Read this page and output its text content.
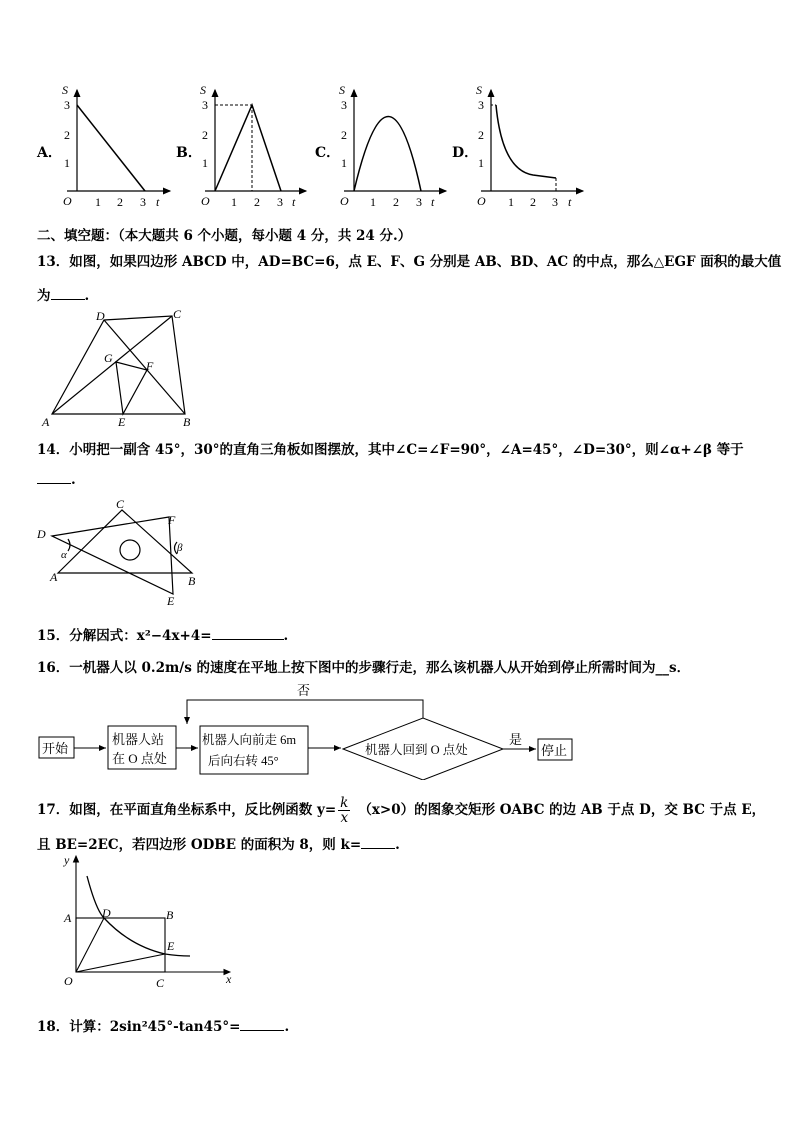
A．	B．	C．	D．
S
3
2
1
O 1 2 3 t
S
3
2
1
O 1 2 3 t
S
3
2
1
O 1 2 3 t
S
3
2
1
O 1 2 3 t
二、填空题：（本大题共 6 个小题，每小题 4 分，共 24 分.）
13．如图，如果四边形 ABCD 中，AD=BC=6，点 E、F、G 分别是 AB、BD、AC 的中点，那么△EGF 面积的最大值
为	.
A	B
C
D
E
F
G
14．小明把一副含 45°，30°的直角三角板如图摆放，其中∠C=∠F=90°，∠A=45°，∠D=30°，则∠α+∠β 等于
.
A	B
C
D
E
F
α
β
15．分解因式：x²−4x+4=	.
16．一机器人以 0.2m/s 的速度在平地上按下图中的步骤行走，那么该机器人从开始到停止所需时间为__s．
开始
机器人站
在 O 点处
机器人向前走 6m
后向右转 45°
机器人回到 O 点处
否
是
停止
17．如图，在平面直角坐标系中，反比例函数 $y= \frac{k}{x} (x>0)$的图象交矩形 OABC 的边 AB 于点 D，交 BC 于点 E，
且 BE=2EC，若四边形 ODBE 的面积为 8，则 k=	.
y
x
O
A	B
C
D
E
18．计算：2sin²45°-tan45°=	.
